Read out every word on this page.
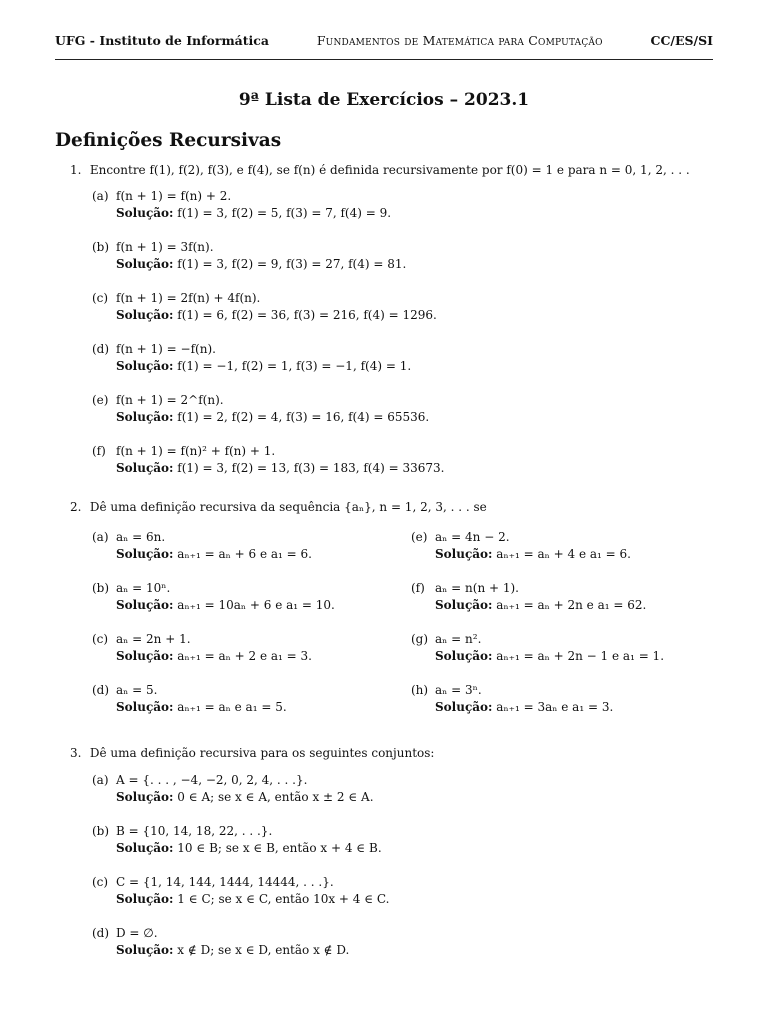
UFG - Instituto de Informática	Fundamentos de Matemática para Computação	CC/ES/SI
9ª Lista de Exercícios – 2023.1
Definições Recursivas
1. Encontre f(1), f(2), f(3), e f(4), se f(n) é definida recursivamente por f(0) = 1 e para n = 0, 1, 2, . . .
(a) f(n + 1) = f(n) + 2.
Solução: f(1) = 3, f(2) = 5, f(3) = 7, f(4) = 9.
(b) f(n + 1) = 3f(n).
Solução: f(1) = 3, f(2) = 9, f(3) = 27, f(4) = 81.
(c) f(n + 1) = 2f(n) + 4f(n).
Solução: f(1) = 6, f(2) = 36, f(3) = 216, f(4) = 1296.
(d) f(n + 1) = −f(n).
Solução: f(1) = −1, f(2) = 1, f(3) = −1, f(4) = 1.
(e) f(n + 1) = 2^f(n).
Solução: f(1) = 2, f(2) = 4, f(3) = 16, f(4) = 65536.
(f) f(n + 1) = f(n)² + f(n) + 1.
Solução: f(1) = 3, f(2) = 13, f(3) = 183, f(4) = 33673.
2. Dê uma definição recursiva da sequência {aₙ}, n = 1, 2, 3, . . . se
(a) aₙ = 6n.
Solução: aₙ₊₁ = aₙ + 6 e a₁ = 6.
(b) aₙ = 10ⁿ.
Solução: aₙ₊₁ = 10aₙ + 6 e a₁ = 10.
(c) aₙ = 2n + 1.
Solução: aₙ₊₁ = aₙ + 2 e a₁ = 3.
(d) aₙ = 5.
Solução: aₙ₊₁ = aₙ e a₁ = 5.
(e) aₙ = 4n − 2.
Solução: aₙ₊₁ = aₙ + 4 e a₁ = 6.
(f) aₙ = n(n + 1).
Solução: aₙ₊₁ = aₙ + 2n e a₁ = 62.
(g) aₙ = n².
Solução: aₙ₊₁ = aₙ + 2n − 1 e a₁ = 1.
(h) aₙ = 3ⁿ.
Solução: aₙ₊₁ = 3aₙ e a₁ = 3.
3. Dê uma definição recursiva para os seguintes conjuntos:
(a) A = {. . . , −4, −2, 0, 2, 4, . . .}.
Solução: 0 ∈ A; se x ∈ A, então x ± 2 ∈ A.
(b) B = {10, 14, 18, 22, . . .}.
Solução: 10 ∈ B; se x ∈ B, então x + 4 ∈ B.
(c) C = {1, 14, 144, 1444, 14444, . . .}.
Solução: 1 ∈ C; se x ∈ C, então 10x + 4 ∈ C.
(d) D = ∅.
Solução: x ∉ D; se x ∈ D, então x ∉ D.
